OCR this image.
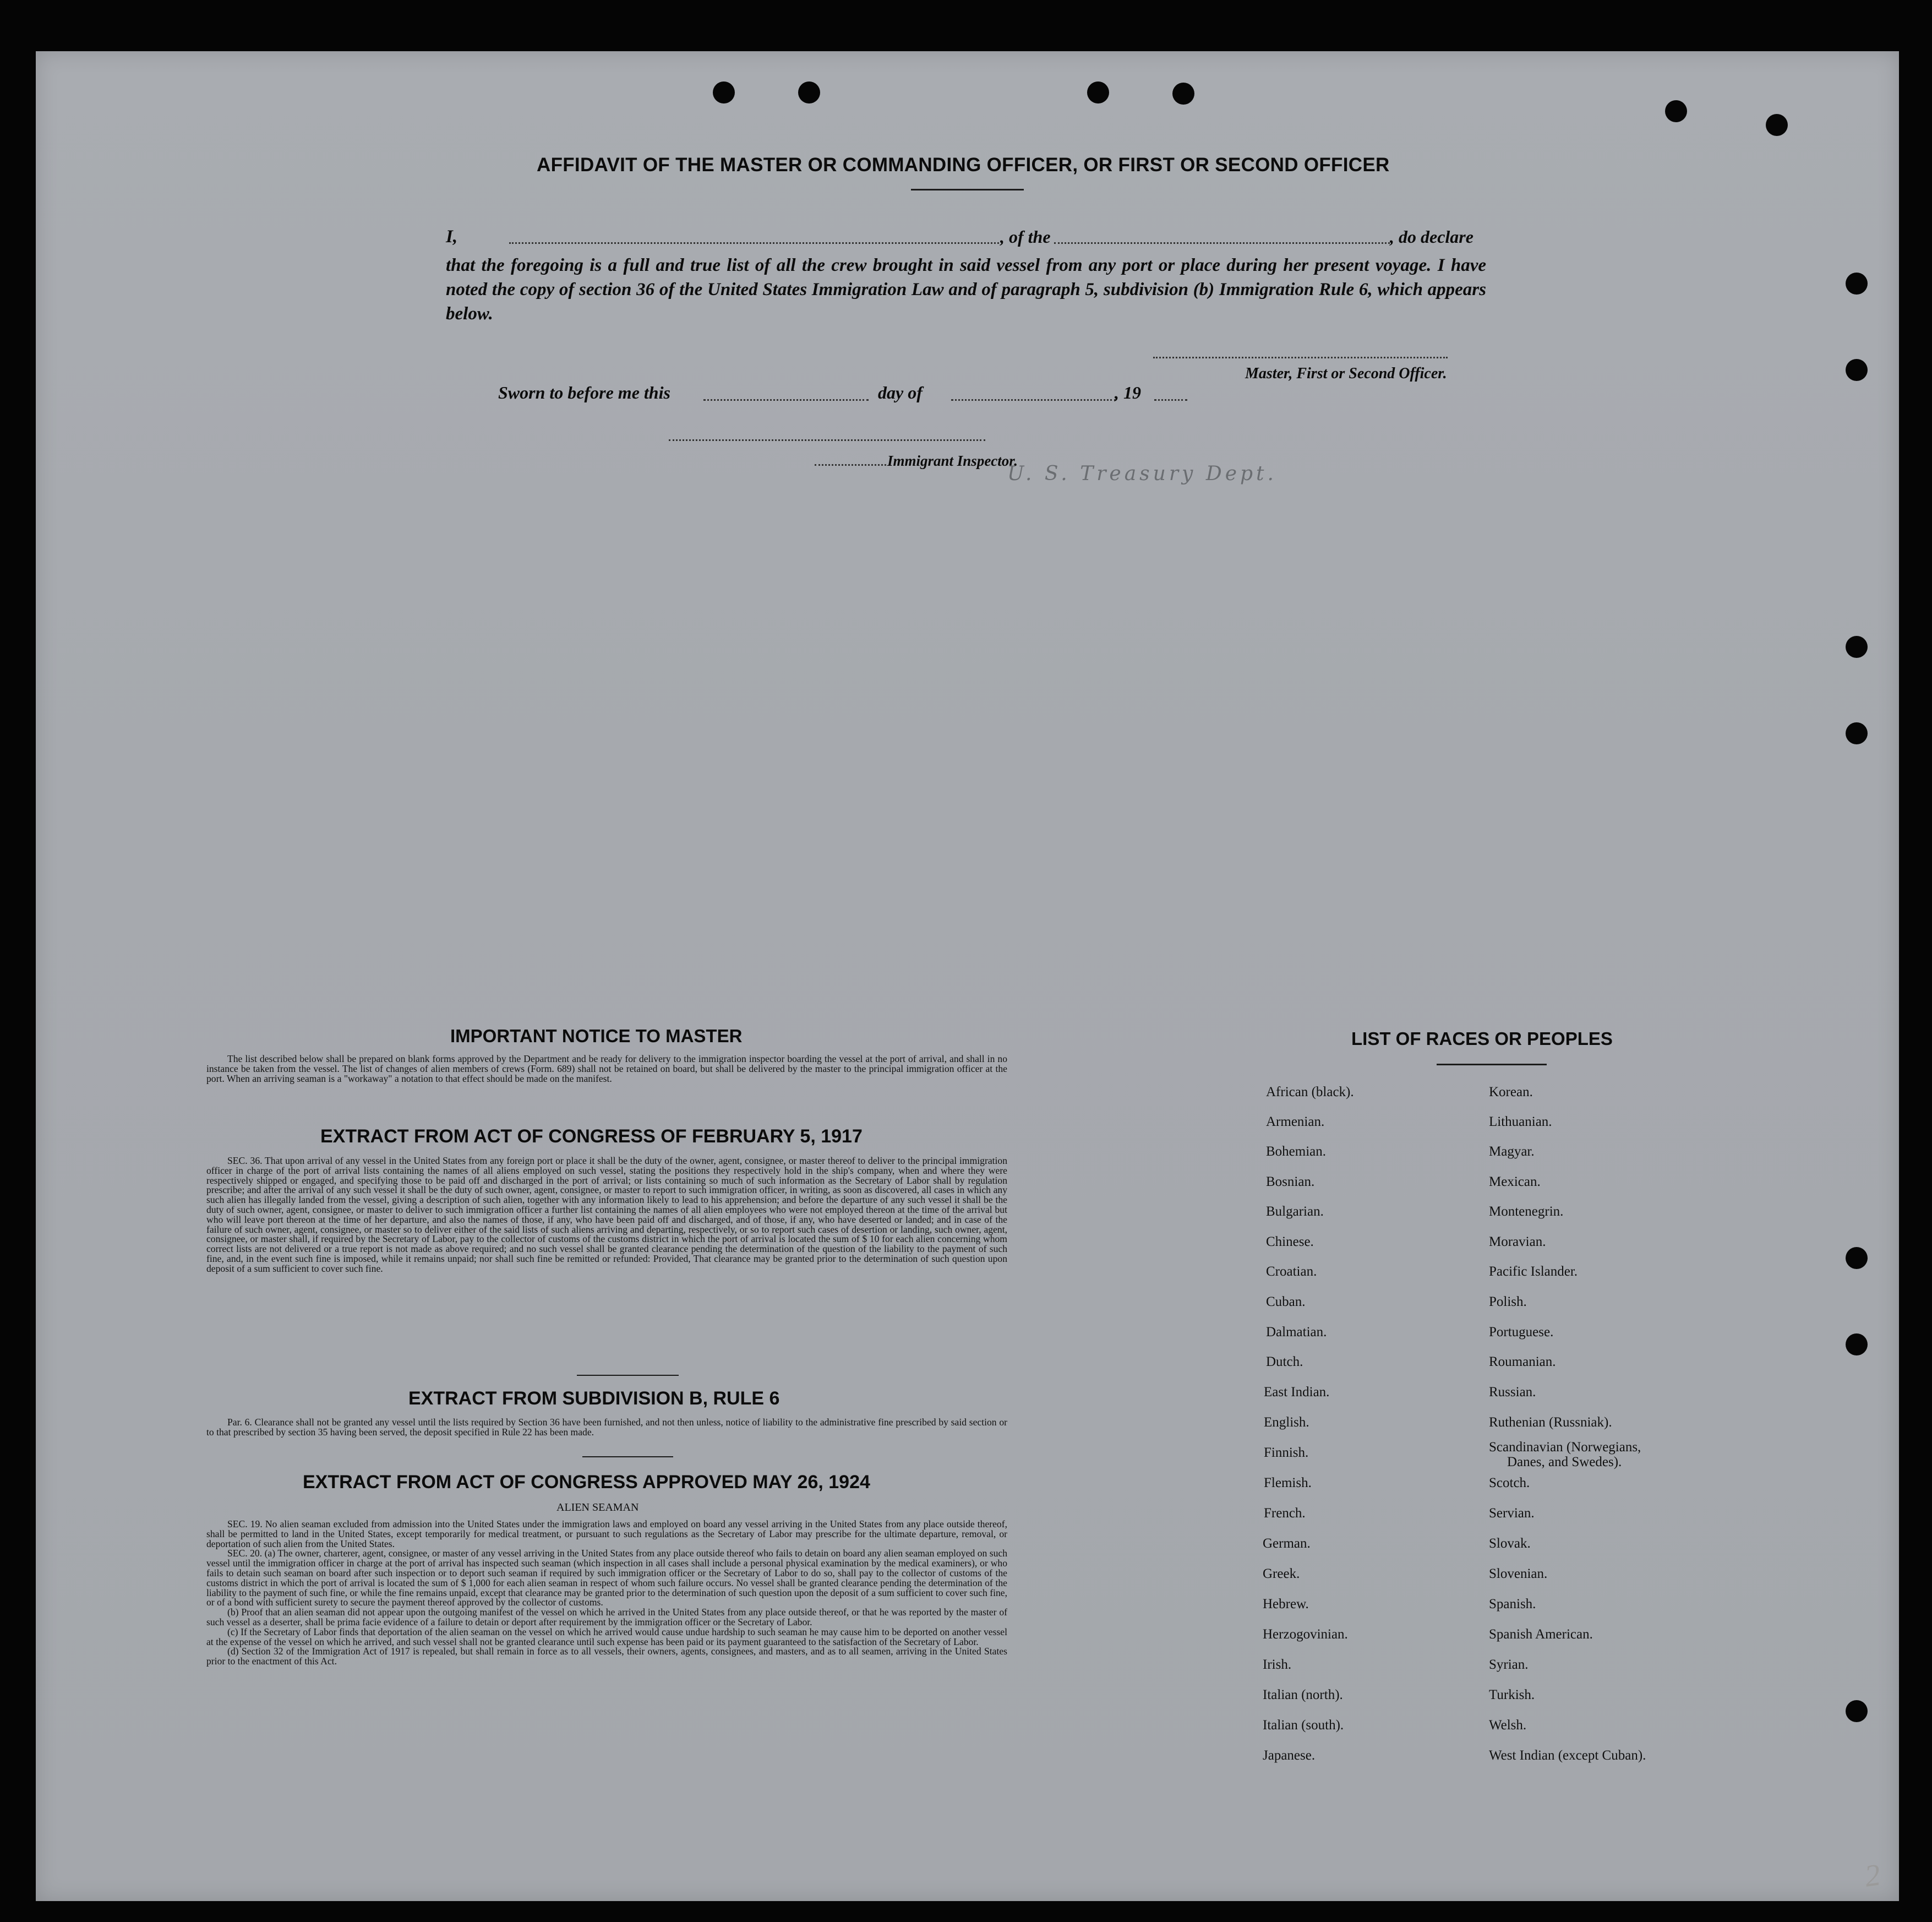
AFFIDAVIT OF THE MASTER OR COMMANDING OFFICER, OR FIRST OR SECOND OFFICER
I,	, of the	, do declare
that the foregoing is a full and true list of all the crew brought in said vessel from any port or place during her present voyage. I have noted the copy of section 36 of the United States Immigration Law and of paragraph 5, subdivision (b) Immigration Rule 6, which appears below.
Master, First or Second Officer.
Sworn to before me this	day of	, 19
Immigrant Inspector.
U. S. Treasury Dept.
IMPORTANT NOTICE TO MASTER
The list described below shall be prepared on blank forms approved by the Department and be ready for delivery to the immigration inspector boarding the vessel at the port of arrival, and shall in no instance be taken from the vessel. The list of changes of alien members of crews (Form. 689) shall not be retained on board, but shall be delivered by the master to the principal immigration officer at the port. When an arriving seaman is a "workaway" a notation to that effect should be made on the manifest.
EXTRACT FROM ACT OF CONGRESS OF FEBRUARY 5, 1917
SEC. 36. That upon arrival of any vessel in the United States from any foreign port or place it shall be the duty of the owner, agent, consignee, or master thereof to deliver to the principal immigration officer in charge of the port of arrival lists containing the names of all aliens employed on such vessel, stating the positions they respectively hold in the ship's company, when and where they were respectively shipped or engaged, and specifying those to be paid off and discharged in the port of arrival; or lists containing so much of such information as the Secretary of Labor shall by regulation prescribe; and after the arrival of any such vessel it shall be the duty of such owner, agent, consignee, or master to report to such immigration officer, in writing, as soon as discovered, all cases in which any such alien has illegally landed from the vessel, giving a description of such alien, together with any information likely to lead to his apprehension; and before the departure of any such vessel it shall be the duty of such owner, agent, consignee, or master to deliver to such immigration officer a further list containing the names of all alien employees who were not employed thereon at the time of the arrival but who will leave port thereon at the time of her departure, and also the names of those, if any, who have been paid off and discharged, and of those, if any, who have deserted or landed; and in case of the failure of such owner, agent, consignee, or master so to deliver either of the said lists of such aliens arriving and departing, respectively, or so to report such cases of desertion or landing, such owner, agent, consignee, or master shall, if required by the Secretary of Labor, pay to the collector of customs of the customs district in which the port of arrival is located the sum of $ 10 for each alien concerning whom correct lists are not delivered or a true report is not made as above required; and no such vessel shall be granted clearance pending the determination of the question of the liability to the payment of such fine, and, in the event such fine is imposed, while it remains unpaid; nor shall such fine be remitted or refunded: Provided, That clearance may be granted prior to the determination of such question upon deposit of a sum sufficient to cover such fine.
EXTRACT FROM SUBDIVISION B, RULE 6
Par. 6. Clearance shall not be granted any vessel until the lists required by Section 36 have been furnished, and not then unless, notice of liability to the administrative fine prescribed by said section or to that prescribed by section 35 having been served, the deposit specified in Rule 22 has been made.
EXTRACT FROM ACT OF CONGRESS APPROVED MAY 26, 1924
ALIEN SEAMAN

SEC. 19. No alien seaman excluded from admission into the United States under the immigration laws and employed on board any vessel arriving in the United States from any place outside thereof, shall be permitted to land in the United States, except temporarily for medical treatment, or pursuant to such regulations as the Secretary of Labor may prescribe for the ultimate departure, removal, or deportation of such alien from the United States.

SEC. 20. (a) The owner, charterer, agent, consignee, or master of any vessel arriving in the United States from any place outside thereof who fails to detain on board any alien seaman employed on such vessel until the immigration officer in charge at the port of arrival has inspected such seaman (which inspection in all cases shall include a personal physical examination by the medical examiners), or who fails to detain such seaman on board after such inspection or to deport such seaman if required by such immigration officer or the Secretary of Labor to do so, shall pay to the collector of customs of the customs district in which the port of arrival is located the sum of $ 1,000 for each alien seaman in respect of whom such failure occurs. No vessel shall be granted clearance pending the determination of the liability to the payment of such fine, or while the fine remains unpaid, except that clearance may be granted prior to the determination of such question upon the deposit of a sum sufficient to cover such fine, or of a bond with sufficient surety to secure the payment thereof approved by the collector of customs.

(b) Proof that an alien seaman did not appear upon the outgoing manifest of the vessel on which he arrived in the United States from any place outside thereof, or that he was reported by the master of such vessel as a deserter, shall be prima facie evidence of a failure to detain or deport after requirement by the immigration officer or the Secretary of Labor.

(c) If the Secretary of Labor finds that deportation of the alien seaman on the vessel on which he arrived would cause undue hardship to such seaman he may cause him to be deported on another vessel at the expense of the vessel on which he arrived, and such vessel shall not be granted clearance until such expense has been paid or its payment guaranteed to the satisfaction of the Secretary of Labor.

(d) Section 32 of the Immigration Act of 1917 is repealed, but shall remain in force as to all vessels, their owners, agents, consignees, and masters, and as to all seamen, arriving in the United States prior to the enactment of this Act.

LIST OF RACES OR PEOPLES
African (black).
Armenian.
Bohemian.
Bosnian.
Bulgarian.
Chinese.
Croatian.
Cuban.
Dalmatian.
Dutch.
East Indian.
English.
Finnish.
Flemish.
French.
German.
Greek.
Hebrew.
Herzogovinian.
Irish.
Italian (north).
Italian (south).
Japanese.
Korean.
Lithuanian.
Magyar.
Mexican.
Montenegrin.
Moravian.
Pacific Islander.
Polish.
Portuguese.
Roumanian.
Russian.
Ruthenian (Russniak).
Scandinavian (Norwegians,
Danes, and Swedes).
Scotch.
Servian.
Slovak.
Slovenian.
Spanish.
Spanish American.
Syrian.
Turkish.
Welsh.
West Indian (except Cuban).
2
